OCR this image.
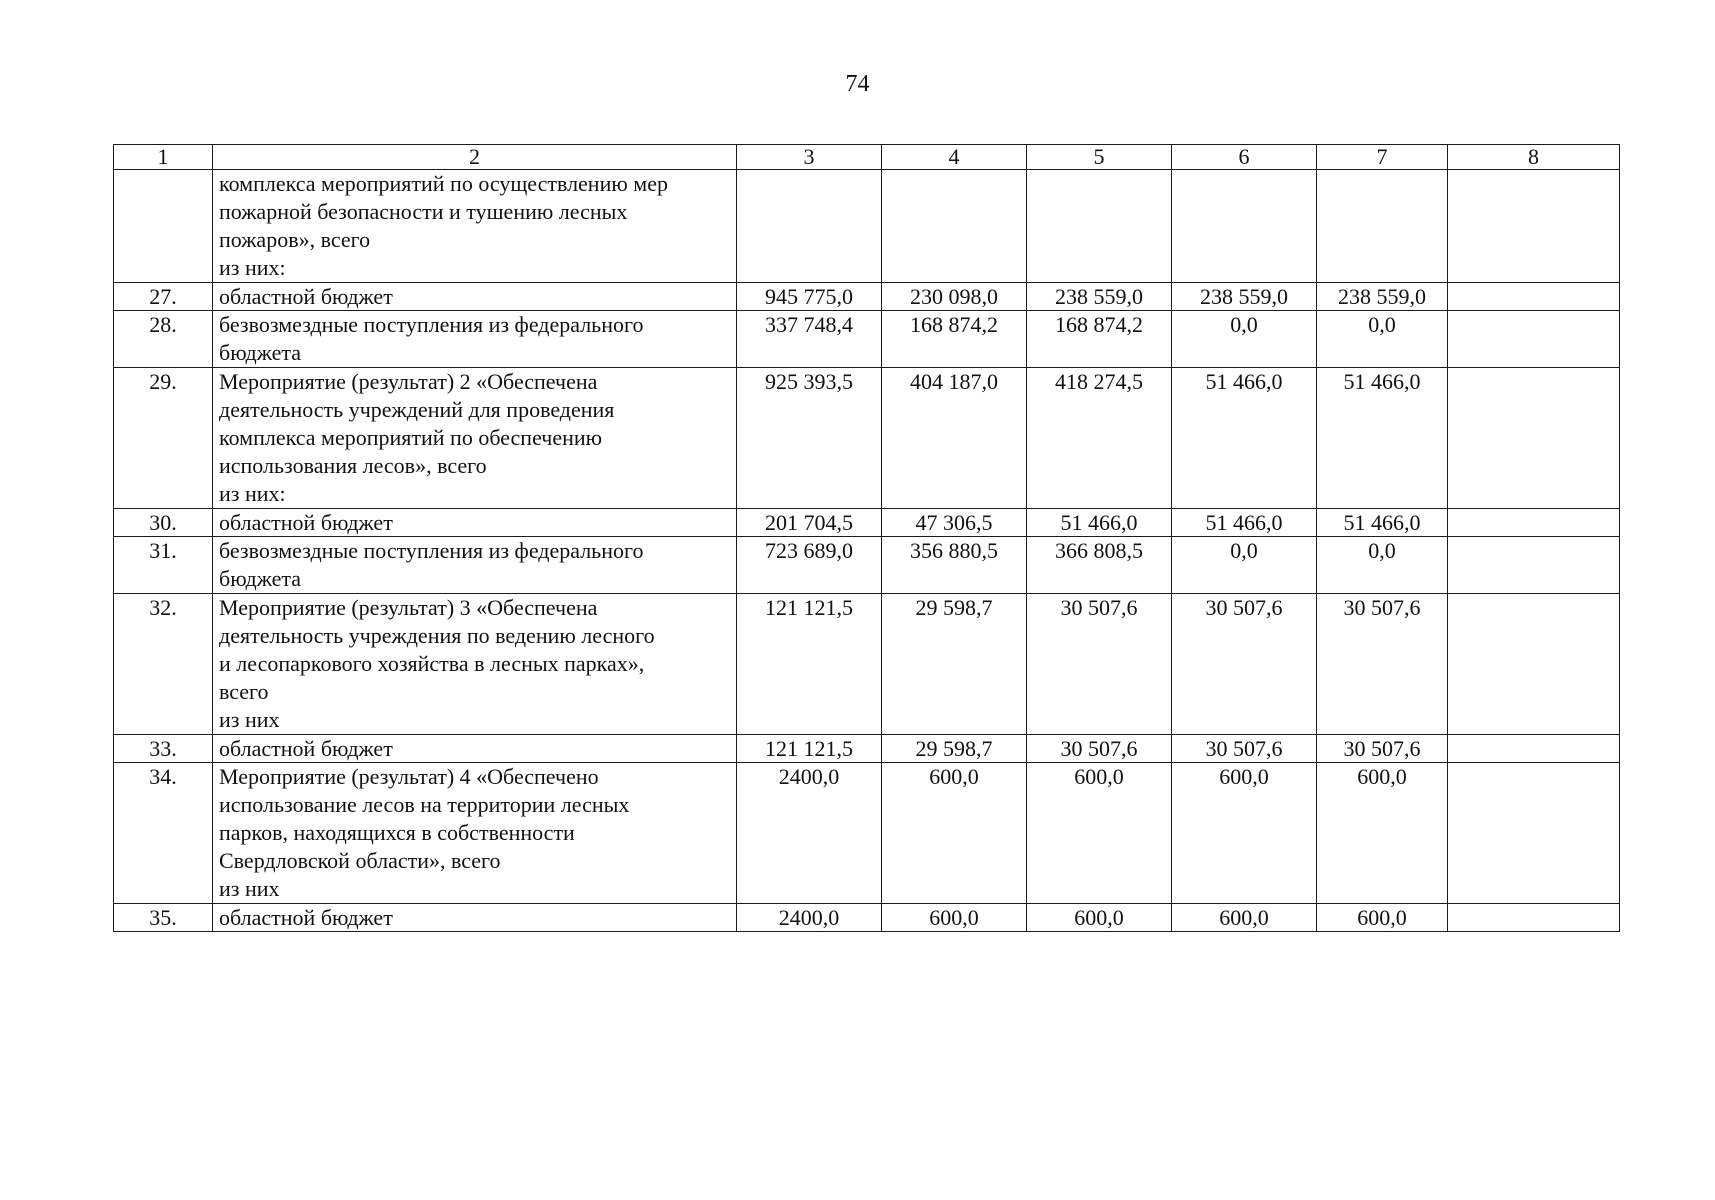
74
1	2	3	4	5	6	7	8

	комплекса мероприятий по осуществлению мер
пожарной безопасности и тушению лесных
пожаров», всего
из них:						

27.	областной бюджет	945 775,0	230 098,0	238 559,0	238 559,0	238 559,0	
28.	безвозмездные поступления из федерального
бюджета	337 748,4	168 874,2	168 874,2	0,0	0,0	
29.	Мероприятие (результат) 2 «Обеспечена
деятельность учреждений для проведения
комплекса мероприятий по обеспечению
использования лесов», всего
из них:	925 393,5	404 187,0	418 274,5	51 466,0	51 466,0	
30.	областной бюджет	201 704,5	47 306,5	51 466,0	51 466,0	51 466,0	
31.	безвозмездные поступления из федерального
бюджета	723 689,0	356 880,5	366 808,5	0,0	0,0	
32.	Мероприятие (результат) 3 «Обеспечена
деятельность учреждения по ведению лесного
и лесопаркового хозяйства в лесных парках»,
всего
из них	121 121,5	29 598,7	30 507,6	30 507,6	30 507,6	
33.	областной бюджет	121 121,5	29 598,7	30 507,6	30 507,6	30 507,6	
34.	Мероприятие (результат) 4 «Обеспечено
использование лесов на территории лесных
парков, находящихся в собственности
Свердловской области», всего
из них	2400,0	600,0	600,0	600,0	600,0	
35.	областной бюджет	2400,0	600,0	600,0	600,0	600,0	
